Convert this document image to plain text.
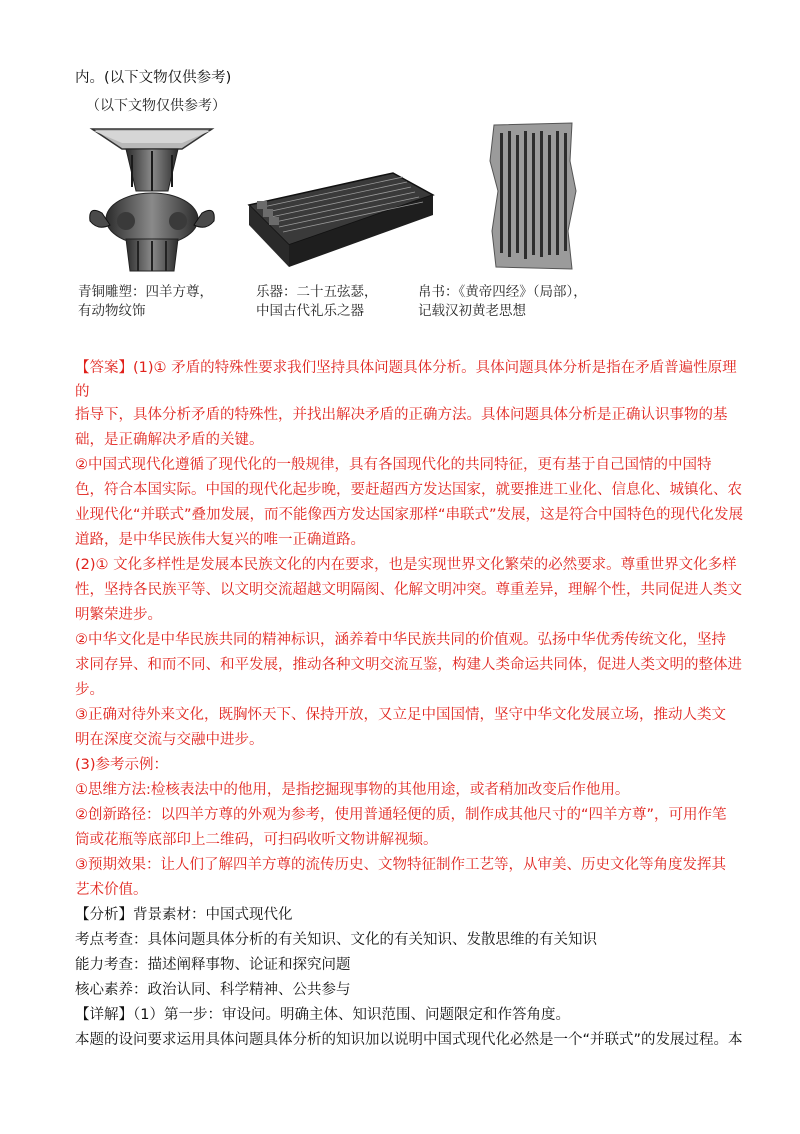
内。(以下文物仅供参考)
（以下文物仅供参考）
青铜雕塑：四羊方尊，
有动物纹饰
乐器：二十五弦瑟，
中国古代礼乐之器
帛书：《黄帝四经》（局部），
记载汉初黄老思想
【答案】(1)① 矛盾的特殊性要求我们坚持具体问题具体分析。具体问题具体分析是指在矛盾普遍性原理
的
指导下，具体分析矛盾的特殊性，并找出解决矛盾的正确方法。具体问题具体分析是正确认识事物的基
础，是正确解决矛盾的关键。
②中国式现代化遵循了现代化的一般规律，具有各国现代化的共同特征，更有基于自己国情的中国特
色，符合本国实际。中国的现代化起步晚，要赶超西方发达国家，就要推进工业化、信息化、城镇化、农
业现代化“并联式”叠加发展，而不能像西方发达国家那样“串联式”发展，这是符合中国特色的现代化发展
道路，是中华民族伟大复兴的唯一正确道路。
(2)① 文化多样性是发展本民族文化的内在要求，也是实现世界文化繁荣的必然要求。尊重世界文化多样
性，坚持各民族平等、以文明交流超越文明隔阂、化解文明冲突。尊重差异，理解个性，共同促进人类文
明繁荣进步。
②中华文化是中华民族共同的精神标识，涵养着中华民族共同的价值观。弘扬中华优秀传统文化，坚持
求同存异、和而不同、和平发展，推动各种文明交流互鉴，构建人类命运共同体，促进人类文明的整体进
步。
③正确对待外来文化，既胸怀天下、保持开放，又立足中国国情，坚守中华文化发展立场，推动人类文
明在深度交流与交融中进步。
(3)参考示例：
①思维方法:检核表法中的他用，是指挖掘现事物的其他用途，或者稍加改变后作他用。
②创新路径：以四羊方尊的外观为参考，使用普通轻便的质，制作成其他尺寸的“四羊方尊”，可用作笔
筒或花瓶等底部印上二维码，可扫码收听文物讲解视频。
③预期效果：让人们了解四羊方尊的流传历史、文物特征制作工艺等，从审美、历史文化等角度发挥其
艺术价值。
【分析】背景素材：中国式现代化
考点考查：具体问题具体分析的有关知识、文化的有关知识、发散思维的有关知识
能力考查：描述阐释事物、论证和探究问题
核心素养：政治认同、科学精神、公共参与
【详解】（1）第一步：审设问。明确主体、知识范围、问题限定和作答角度。
本题的设问要求运用具体问题具体分析的知识加以说明中国式现代化必然是一个“并联式”的发展过程。本
